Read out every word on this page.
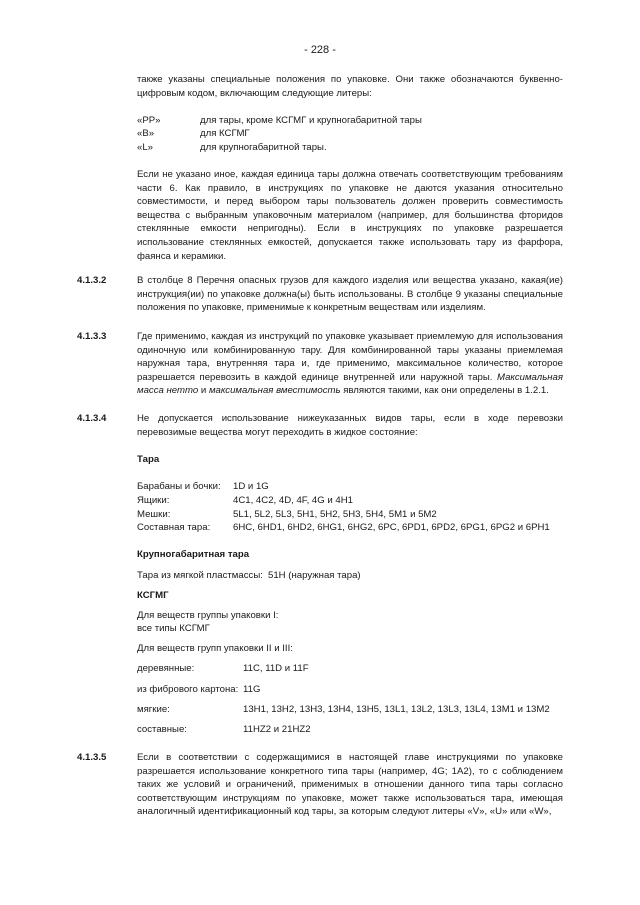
- 228 -
также указаны специальные положения по упаковке. Они также обозначаются буквенно-цифровым кодом, включающим следующие литеры:
«PP»	для тары, кроме КСГМГ и крупногабаритной тары
«B»	для КСГМГ
«L»	для крупногабаритной тары.
Если не указано иное, каждая единица тары должна отвечать соответствующим требованиям части 6. Как правило, в инструкциях по упаковке не даются указания относительно совместимости, и перед выбором тары пользователь должен проверить совместимость вещества с выбранным упаковочным материалом (например, для большинства фторидов стеклянные емкости непригодны). Если в инструкциях по упаковке разрешается использование стеклянных емкостей, допускается также использовать тару из фарфора, фаянса и керамики.
4.1.3.2	В столбце 8 Перечня опасных грузов для каждого изделия или вещества указано, какая(ие) инструкция(ии) по упаковке должна(ы) быть использованы. В столбце 9 указаны специальные положения по упаковке, применимые к конкретным веществам или изделиям.
4.1.3.3	Где применимо, каждая из инструкций по упаковке указывает приемлемую для использования одиночную или комбинированную тару. Для комбинированной тары указаны приемлемая наружная тара, внутренняя тара и, где применимо, максимальное количество, которое разрешается перевозить в каждой единице внутренней или наружной тары. Максимальная масса нетто и максимальная вместимость являются такими, как они определены в 1.2.1.
4.1.3.4	Не допускается использование нижеуказанных видов тары, если в ходе перевозки перевозимые вещества могут переходить в жидкое состояние:
Тара
Барабаны и бочки: 1D и 1G
Ящики:	4C1, 4C2, 4D, 4F, 4G и 4H1
Мешки:	5L1, 5L2, 5L3, 5H1, 5H2, 5H3, 5H4, 5M1 и 5M2
Составная тара: 6HC, 6HD1, 6HD2, 6HG1, 6HG2, 6PC, 6PD1, 6PD2, 6PG1, 6PG2 и 6PH1
Крупногабаритная тара
Тара из мягкой пластмассы: 51H (наружная тара)
КСГМГ
Для веществ группы упаковки I:
все типы КСГМГ
Для веществ групп упаковки II и III:
деревянные:	11C, 11D и 11F
из фибрового картона: 11G
мягкие:	13H1, 13H2, 13H3, 13H4, 13H5, 13L1, 13L2, 13L3, 13L4, 13M1 и 13M2
составные:	11HZ2 и 21HZ2
4.1.3.5	Если в соответствии с содержащимися в настоящей главе инструкциями по упаковке разрешается использование конкретного типа тары (например, 4G; 1A2), то с соблюдением таких же условий и ограничений, применимых в отношении данного типа тары согласно соответствующим инструкциям по упаковке, может также использоваться тара, имеющая аналогичный идентификационный код тары, за которым следуют литеры «V», «U» или «W»,
